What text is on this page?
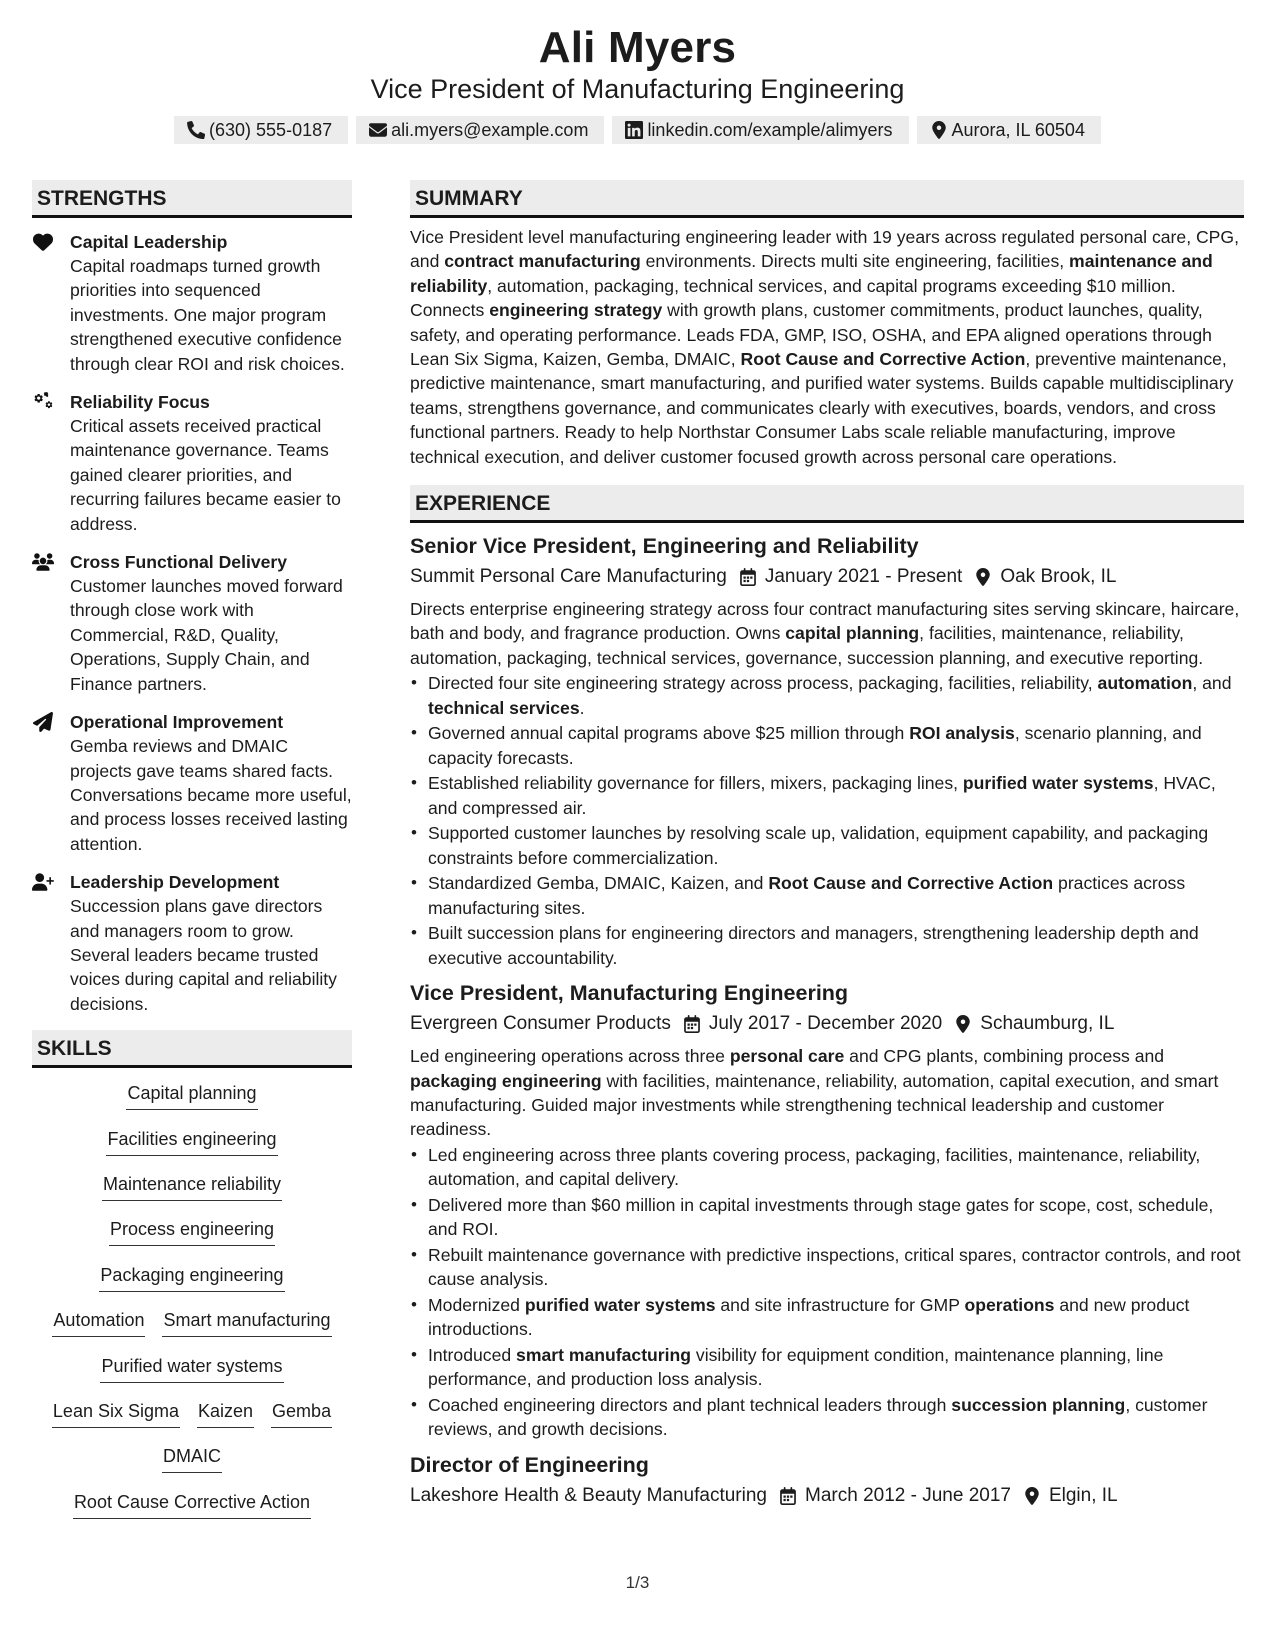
Ali Myers
Vice President of Manufacturing Engineering
(630) 555-0187	ali.myers@example.com	linkedin.com/example/alimyers	Aurora, IL 60504
STRENGTHS
Capital Leadership
Capital roadmaps turned growth priorities into sequenced investments. One major program strengthened executive confidence through clear ROI and risk choices.
Reliability Focus
Critical assets received practical maintenance governance. Teams gained clearer priorities, and recurring failures became easier to address.
Cross Functional Delivery
Customer launches moved forward through close work with Commercial, R&D, Quality, Operations, Supply Chain, and Finance partners.
Operational Improvement
Gemba reviews and DMAIC projects gave teams shared facts. Conversations became more useful, and process losses received lasting attention.
Leadership Development
Succession plans gave directors and managers room to grow. Several leaders became trusted voices during capital and reliability decisions.
SKILLS
Capital planning
Facilities engineering
Maintenance reliability
Process engineering
Packaging engineering
Automation Smart manufacturing
Purified water systems
Lean Six Sigma Kaizen Gemba
DMAIC
Root Cause Corrective Action
SUMMARY
Vice President level manufacturing engineering leader with 19 years across regulated personal care, CPG, and contract manufacturing environments. Directs multi site engineering, facilities, maintenance and reliability, automation, packaging, technical services, and capital programs exceeding $10 million. Connects engineering strategy with growth plans, customer commitments, product launches, quality, safety, and operating performance. Leads FDA, GMP, ISO, OSHA, and EPA aligned operations through Lean Six Sigma, Kaizen, Gemba, DMAIC, Root Cause and Corrective Action, preventive maintenance, predictive maintenance, smart manufacturing, and purified water systems. Builds capable multidisciplinary teams, strengthens governance, and communicates clearly with executives, boards, vendors, and cross functional partners. Ready to help Northstar Consumer Labs scale reliable manufacturing, improve technical execution, and deliver customer focused growth across personal care operations.
EXPERIENCE
Senior Vice President, Engineering and Reliability
Summit Personal Care Manufacturing January 2021 - Present Oak Brook, IL
Directs enterprise engineering strategy across four contract manufacturing sites serving skincare, haircare, bath and body, and fragrance production. Owns capital planning, facilities, maintenance, reliability, automation, packaging, technical services, governance, succession planning, and executive reporting.
• Directed four site engineering strategy across process, packaging, facilities, reliability, automation, and technical services.
• Governed annual capital programs above $25 million through ROI analysis, scenario planning, and capacity forecasts.
• Established reliability governance for fillers, mixers, packaging lines, purified water systems, HVAC, and compressed air.
• Supported customer launches by resolving scale up, validation, equipment capability, and packaging constraints before commercialization.
• Standardized Gemba, DMAIC, Kaizen, and Root Cause and Corrective Action practices across manufacturing sites.
• Built succession plans for engineering directors and managers, strengthening leadership depth and executive accountability.
Vice President, Manufacturing Engineering
Evergreen Consumer Products July 2017 - December 2020 Schaumburg, IL
Led engineering operations across three personal care and CPG plants, combining process and packaging engineering with facilities, maintenance, reliability, automation, capital execution, and smart manufacturing. Guided major investments while strengthening technical leadership and customer readiness.
• Led engineering across three plants covering process, packaging, facilities, maintenance, reliability, automation, and capital delivery.
• Delivered more than $60 million in capital investments through stage gates for scope, cost, schedule, and ROI.
• Rebuilt maintenance governance with predictive inspections, critical spares, contractor controls, and root cause analysis.
• Modernized purified water systems and site infrastructure for GMP operations and new product introductions.
• Introduced smart manufacturing visibility for equipment condition, maintenance planning, line performance, and production loss analysis.
• Coached engineering directors and plant technical leaders through succession planning, customer reviews, and growth decisions.
Director of Engineering
Lakeshore Health & Beauty Manufacturing March 2012 - June 2017 Elgin, IL
1/3
